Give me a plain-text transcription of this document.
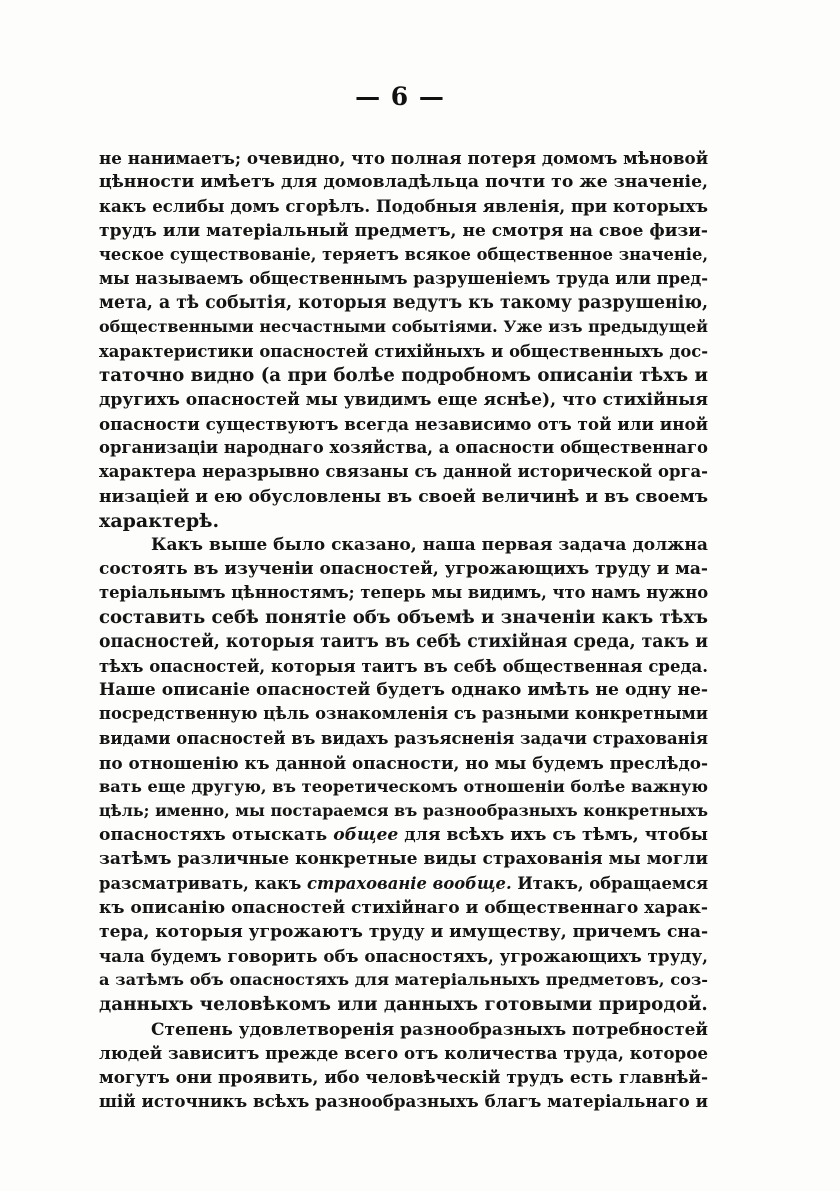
— 6 —
не нанимаетъ; очевидно, что полная потеря домомъ мѣновой
цѣнности имѣетъ для домовладѣльца почти то же значеніе,
какъ еслибы домъ сгорѣлъ. Подобныя явленія, при которыхъ
трудъ или матеріальный предметъ, не смотря на свое физи-
ческое существованіе, теряетъ всякое общественное значеніе,
мы называемъ общественнымъ разрушеніемъ труда или пред-
мета, а тѣ событія, которыя ведутъ къ такому разрушенію,
общественными несчастными событіями. Уже изъ предыдущей
характеристики опасностей стихійныхъ и общественныхъ дос-
таточно видно (а при болѣе подробномъ описаніи тѣхъ и
другихъ опасностей мы увидимъ еще яснѣе), что стихійныя
опасности существуютъ всегда независимо отъ той или иной
организаціи народнаго хозяйства, а опасности общественнаго
характера неразрывно связаны съ данной исторической орга-
низаціей и ею обусловлены въ своей величинѣ и въ своемъ
характерѣ.
Какъ выше было сказано, наша первая задача должна
состоять въ изученіи опасностей, угрожающихъ труду и ма-
теріальнымъ цѣнностямъ; теперь мы видимъ, что намъ нужно
составить себѣ понятіе объ объемѣ и значеніи какъ тѣхъ
опасностей, которыя таитъ въ себѣ стихійная среда, такъ и
тѣхъ опасностей, которыя таитъ въ себѣ общественная среда.
Наше описаніе опасностей будетъ однако имѣть не одну не-
посредственную цѣль ознакомленія съ разными конкретными
видами опасностей въ видахъ разъясненія задачи страхованія
по отношенію къ данной опасности, но мы будемъ преслѣдо-
вать еще другую, въ теоретическомъ отношеніи болѣе важную
цѣль; именно, мы постараемся въ разнообразныхъ конкретныхъ
опасностяхъ отыскать общее для всѣхъ ихъ съ тѣмъ, чтобы
затѣмъ различные конкретные виды страхованія мы могли
разсматривать, какъ страхованіе вообще. Итакъ, обращаемся
къ описанію опасностей стихійнаго и общественнаго харак-
тера, которыя угрожаютъ труду и имуществу, причемъ сна-
чала будемъ говорить объ опасностяхъ, угрожающихъ труду,
а затѣмъ объ опасностяхъ для матеріальныхъ предметовъ, соз-
данныхъ человѣкомъ или данныхъ готовыми природой.
Степень удовлетворенія разнообразныхъ потребностей
людей зависитъ прежде всего отъ количества труда, которое
могутъ они проявить, ибо человѣческій трудъ есть главнѣй-
шій источникъ всѣхъ разнообразныхъ благъ матеріальнаго и
